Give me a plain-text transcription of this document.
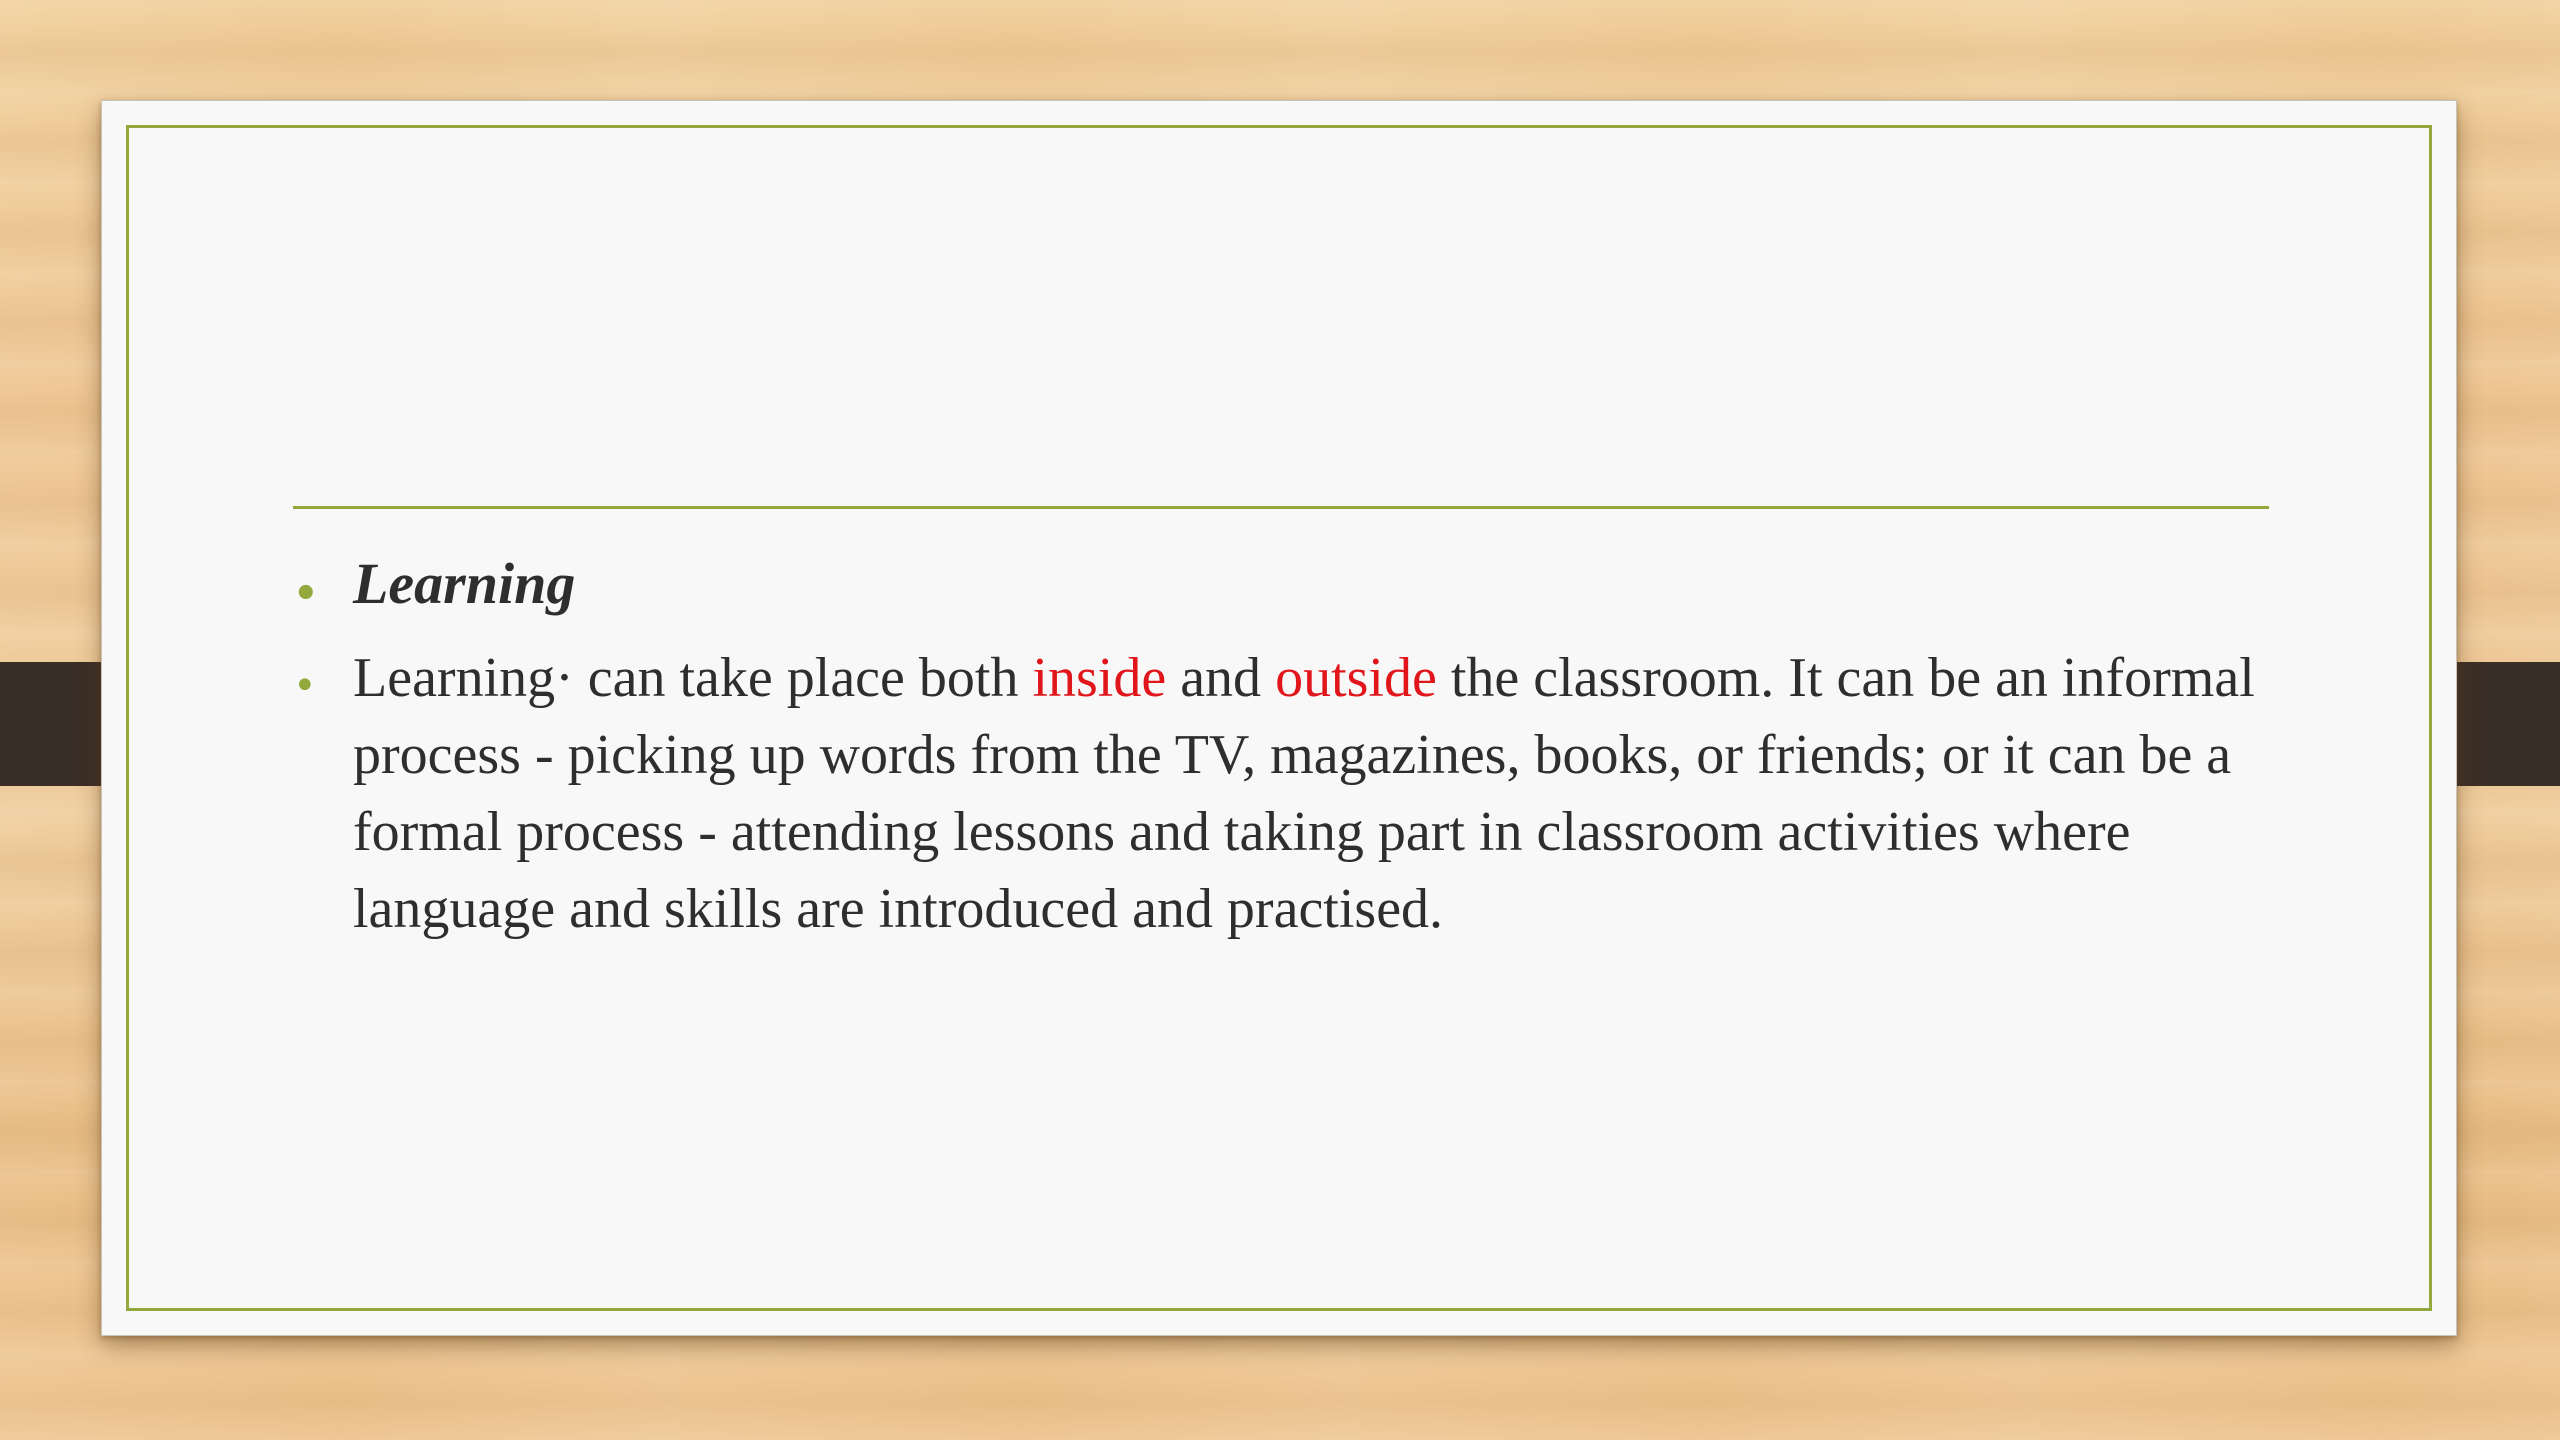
• Learning
• Learning· can take place both inside and outside the classroom. It can be an informal process - picking up words from the TV, magazines, books, or friends; or it can be a formal process - attending lessons and taking part in classroom activities where language and skills are introduced and practised.
